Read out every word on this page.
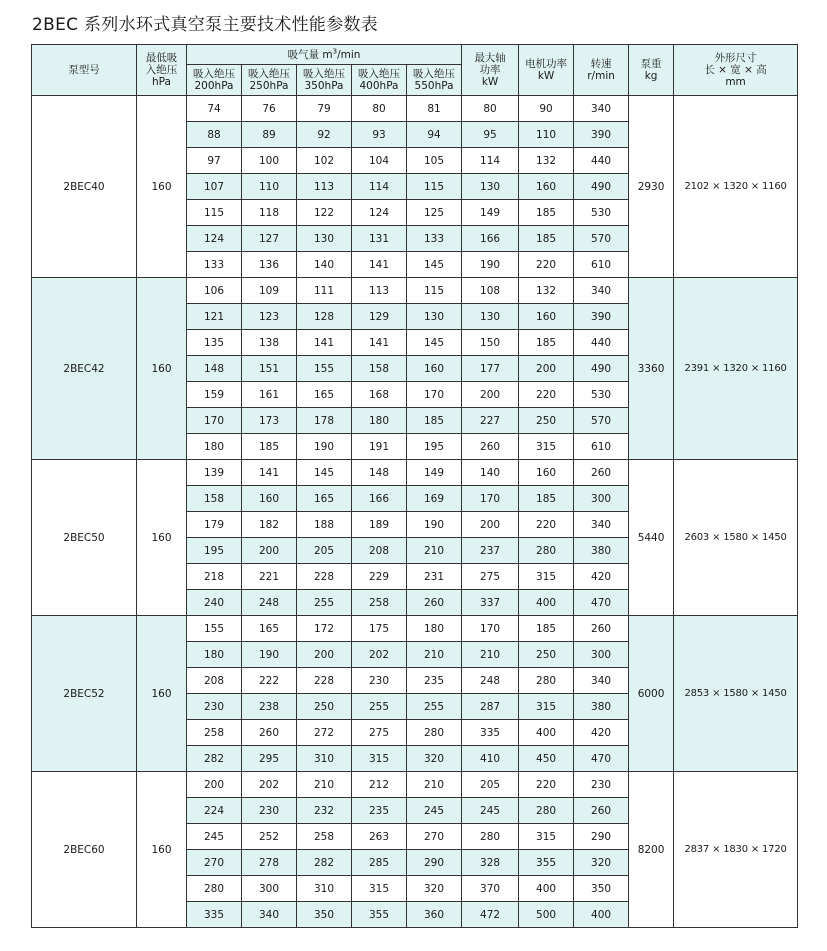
2BEC 系列水环式真空泵主要技术性能参数表
泵型号	最低吸
入绝压
hPa	吸气量 $m^3/\min$					最大轴
功率
kW	电机功率
kW	转速
r/min	泵重
kg	外形尺寸
长 × 宽 × 高
mm
		吸入绝压
200hPa	吸入绝压
250hPa	吸入绝压
350hPa	吸入绝压
400hPa	吸入绝压
550hPa					
2BEC40	160	74	76	79	80	81	80	90	340	2930	2102 × 1320 × 1160
		88	89	92	93	94	95	110	390		
		97	100	102	104	105	114	132	440		
		107	110	113	114	115	130	160	490		
		115	118	122	124	125	149	185	530		
		124	127	130	131	133	166	185	570		
		133	136	140	141	145	190	220	610		
2BEC42	160	106	109	111	113	115	108	132	340	3360	2391 × 1320 × 1160
		121	123	128	129	130	130	160	390		
		135	138	141	141	145	150	185	440		
		148	151	155	158	160	177	200	490		
		159	161	165	168	170	200	220	530		
		170	173	178	180	185	227	250	570		
		180	185	190	191	195	260	315	610		
2BEC50	160	139	141	145	148	149	140	160	260	5440	2603 × 1580 × 1450
		158	160	165	166	169	170	185	300		
		179	182	188	189	190	200	220	340		
		195	200	205	208	210	237	280	380		
		218	221	228	229	231	275	315	420		
		240	248	255	258	260	337	400	470		
2BEC52	160	155	165	172	175	180	170	185	260	6000	2853 × 1580 × 1450
		180	190	200	202	210	210	250	300		
		208	222	228	230	235	248	280	340		
		230	238	250	255	255	287	315	380		
		258	260	272	275	280	335	400	420		
		282	295	310	315	320	410	450	470		
2BEC60	160	200	202	210	212	210	205	220	230	8200	2837 × 1830 × 1720
		224	230	232	235	245	245	280	260		
		245	252	258	263	270	280	315	290		
		270	278	282	285	290	328	355	320		
		280	300	310	315	320	370	400	350		
		335	340	350	355	360	472	500	400		
